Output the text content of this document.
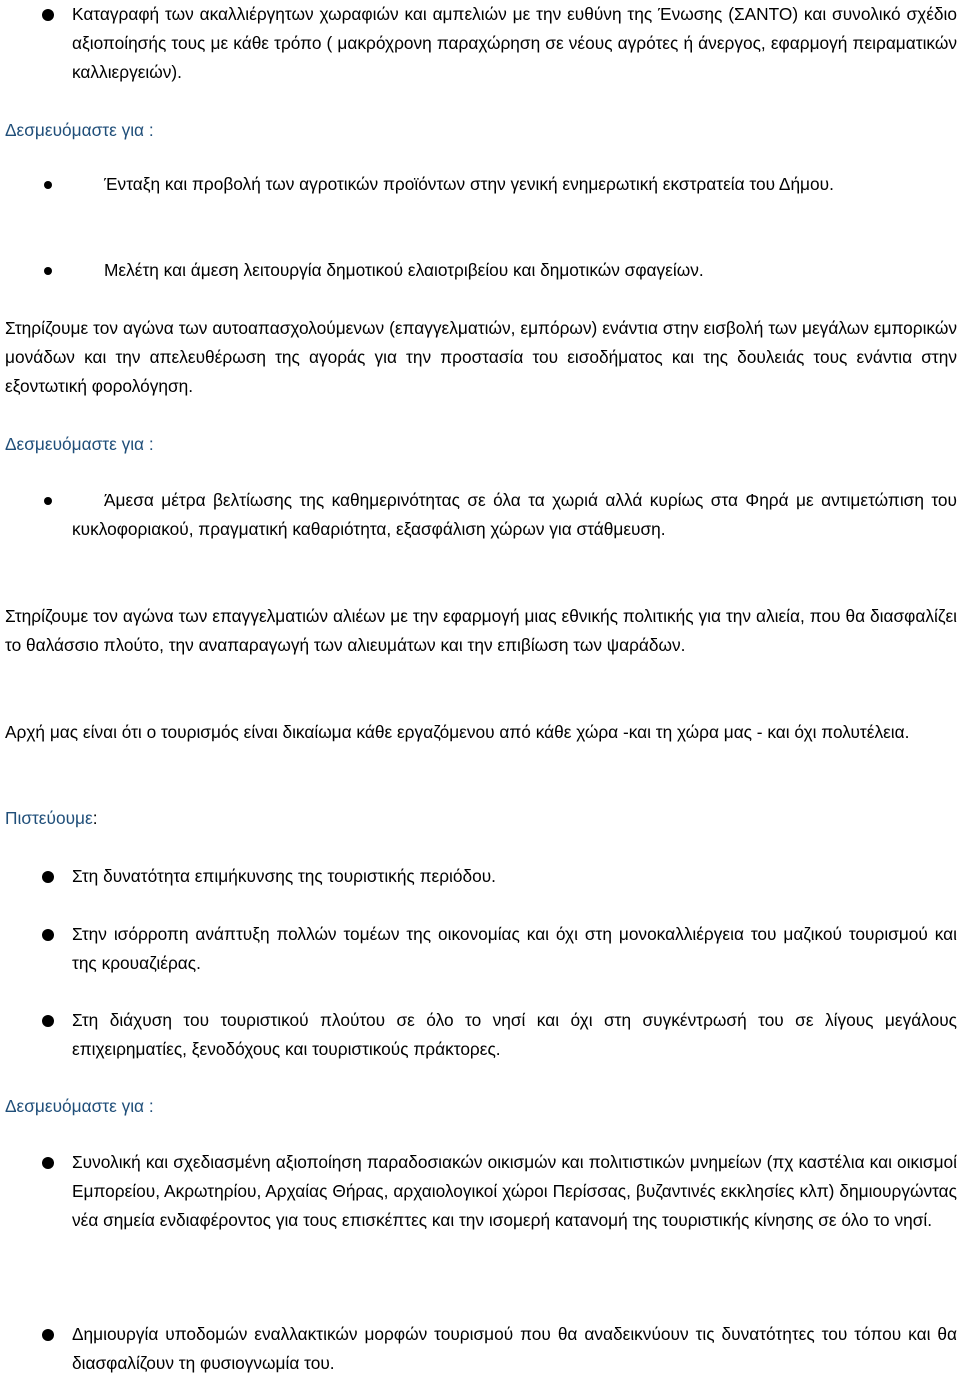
Καταγραφή των ακαλλιέργητων χωραφιών και αμπελιών με την ευθύνη της Ένωσης (ΣΑΝΤΟ) και συνολικό σχέδιο αξιοποίησής τους με κάθε τρόπο ( μακρόχρονη παραχώρηση σε νέους αγρότες ή άνεργος, εφαρμογή πειραματικών καλλιεργειών).

Δεσμευόμαστε για :

Ένταξη και προβολή των αγροτικών προϊόντων στην γενική ενημερωτική εκστρατεία του Δήμου.

Μελέτη και άμεση λειτουργία δημοτικού ελαιοτριβείου και δημοτικών σφαγείων.

Στηρίζουμε τον αγώνα των αυτοαπασχολούμενων (επαγγελματιών, εμπόρων) ενάντια στην εισβολή των μεγάλων εμπορικών μονάδων και την απελευθέρωση της αγοράς για την προστασία του εισοδήματος και της δουλειάς τους ενάντια στην εξοντωτική φορολόγηση.

Δεσμευόμαστε για :

Άμεσα μέτρα βελτίωσης της καθημερινότητας σε όλα τα χωριά αλλά κυρίως στα Φηρά με αντιμετώπιση του κυκλοφοριακού, πραγματική καθαριότητα, εξασφάλιση χώρων για στάθμευση.

Στηρίζουμε τον αγώνα των επαγγελματιών αλιέων με την εφαρμογή μιας εθνικής πολιτικής για την αλιεία, που θα διασφαλίζει το θαλάσσιο πλούτο, την αναπαραγωγή των αλιευμάτων και την επιβίωση των ψαράδων.

Αρχή μας είναι ότι ο τουρισμός είναι δικαίωμα κάθε εργαζόμενου από κάθε χώρα -και τη χώρα μας - και όχι πολυτέλεια.

Πιστεύουμε:

Στη δυνατότητα επιμήκυνσης της τουριστικής περιόδου.

Στην ισόρροπη ανάπτυξη πολλών τομέων της οικονομίας και όχι στη μονοκαλλιέργεια του μαζικού τουρισμού και της κρουαζιέρας.

Στη διάχυση του τουριστικού πλούτου σε όλο το νησί και όχι στη συγκέντρωσή του σε λίγους μεγάλους επιχειρηματίες, ξενοδόχους και τουριστικούς πράκτορες.

Δεσμευόμαστε για :

Συνολική και σχεδιασμένη αξιοποίηση παραδοσιακών οικισμών και πολιτιστικών μνημείων (πχ καστέλια και οικισμοί Εμπορείου, Ακρωτηρίου, Αρχαίας Θήρας, αρχαιολογικοί χώροι Περίσσας, βυζαντινές εκκλησίες κλπ) δημιουργώντας νέα σημεία ενδιαφέροντος για τους επισκέπτες και την ισομερή κατανομή της τουριστικής κίνησης σε όλο το νησί.

Δημιουργία υποδομών εναλλακτικών μορφών τουρισμού που θα αναδεικνύουν τις δυνατότητες του τόπου και θα διασφαλίζουν τη φυσιογνωμία του.
